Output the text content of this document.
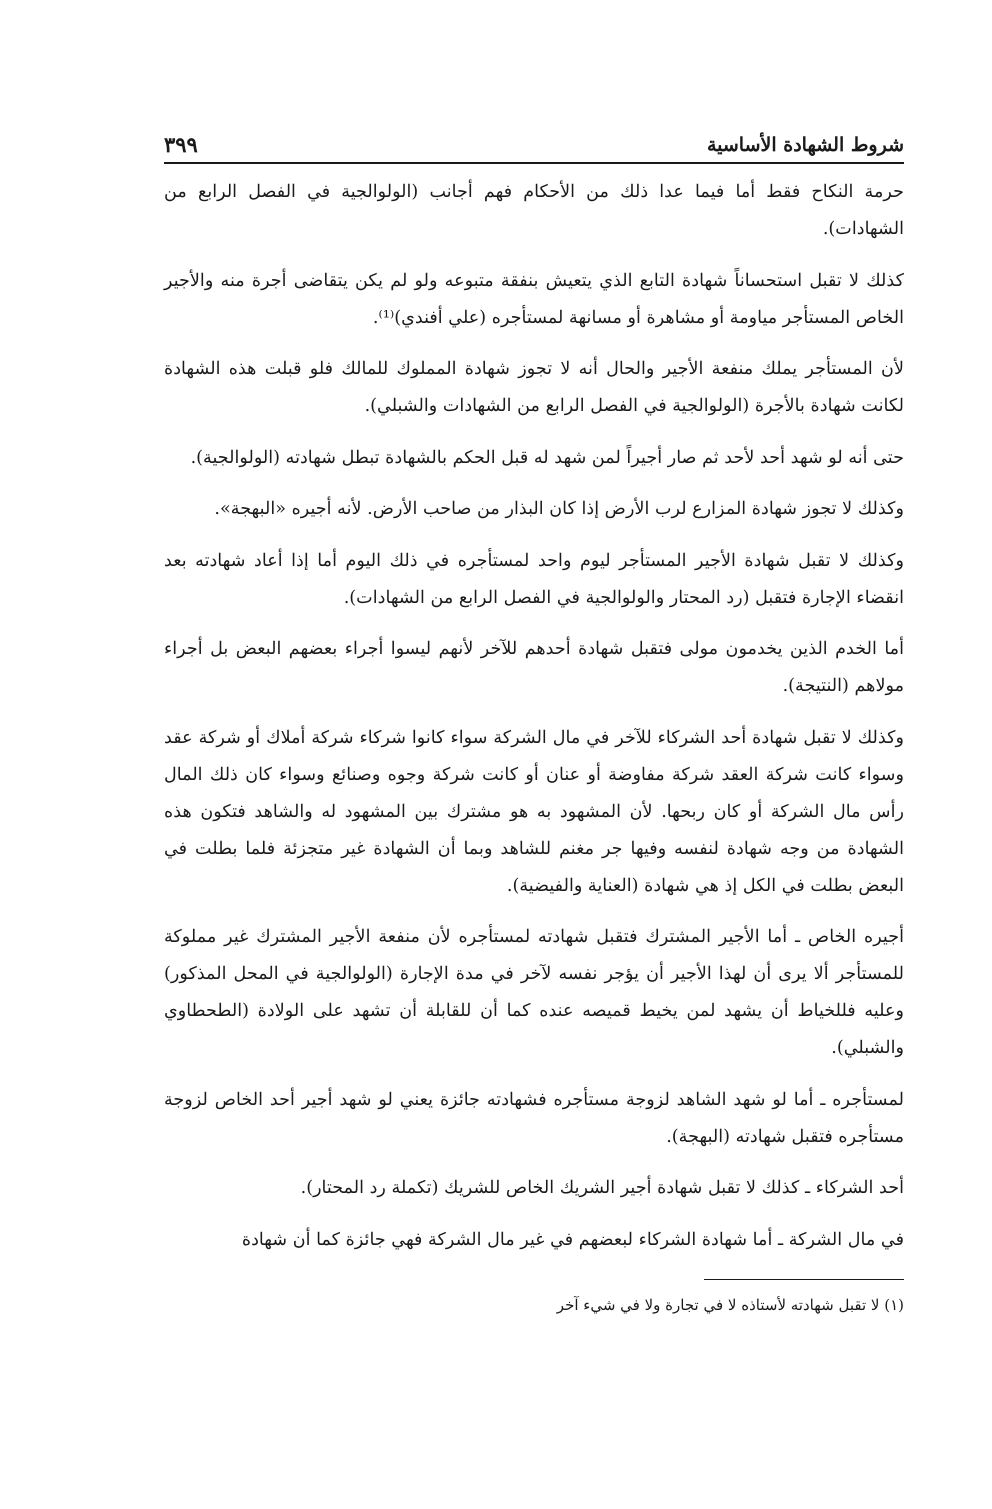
شروط الشهادة الأساسية
٣٩٩

حرمة النكاح فقط أما فيما عدا ذلك من الأحكام فهم أجانب (الولوالجية في الفصل الرابع من الشهادات).

كذلك لا تقبل استحساناً شهادة التابع الذي يتعيش بنفقة متبوعه ولو لم يكن يتقاضى أجرة منه والأجير الخاص المستأجر مياومة أو مشاهرة أو مسانهة لمستأجره (علي أفندي)⁽¹⁾.

لأن المستأجر يملك منفعة الأجير والحال أنه لا تجوز شهادة المملوك للمالك فلو قبلت هذه الشهادة لكانت شهادة بالأجرة (الولوالجية في الفصل الرابع من الشهادات والشبلي).

حتى أنه لو شهد أحد لأحد ثم صار أجيراً لمن شهد له قبل الحكم بالشهادة تبطل شهادته (الولوالجية).

وكذلك لا تجوز شهادة المزارع لرب الأرض إذا كان البذار من صاحب الأرض. لأنه أجيره «البهجة».

وكذلك لا تقبل شهادة الأجير المستأجر ليوم واحد لمستأجره في ذلك اليوم أما إذا أعاد شهادته بعد انقضاء الإجارة فتقبل (رد المحتار والولوالجية في الفصل الرابع من الشهادات).

أما الخدم الذين يخدمون مولى فتقبل شهادة أحدهم للآخر لأنهم ليسوا أجراء بعضهم البعض بل أجراء مولاهم (النتيجة).

وكذلك لا تقبل شهادة أحد الشركاء للآخر في مال الشركة سواء كانوا شركاء شركة أملاك أو شركة عقد وسواء كانت شركة العقد شركة مفاوضة أو عنان أو كانت شركة وجوه وصنائع وسواء كان ذلك المال رأس مال الشركة أو كان ربحها. لأن المشهود به هو مشترك بين المشهود له والشاهد فتكون هذه الشهادة من وجه شهادة لنفسه وفيها جر مغنم للشاهد وبما أن الشهادة غير متجزئة فلما بطلت في البعض بطلت في الكل إذ هي شهادة (العناية والفيضية).

أجيره الخاص ـ أما الأجير المشترك فتقبل شهادته لمستأجره لأن منفعة الأجير المشترك غير مملوكة للمستأجر ألا يرى أن لهذا الأجير أن يؤجر نفسه لآخر في مدة الإجارة (الولوالجية في المحل المذكور) وعليه فللخياط أن يشهد لمن يخيط قميصه عنده كما أن للقابلة أن تشهد على الولادة (الطحطاوي والشبلي).

لمستأجره ـ أما لو شهد الشاهد لزوجة مستأجره فشهادته جائزة يعني لو شهد أجير أحد الخاص لزوجة مستأجره فتقبل شهادته (البهجة).

أحد الشركاء ـ كذلك لا تقبل شهادة أجير الشريك الخاص للشريك (تكملة رد المحتار).

في مال الشركة ـ أما شهادة الشركاء لبعضهم في غير مال الشركة فهي جائزة كما أن شهادة

(١) لا تقبل شهادته لأستاذه لا في تجارة ولا في شيء آخر
